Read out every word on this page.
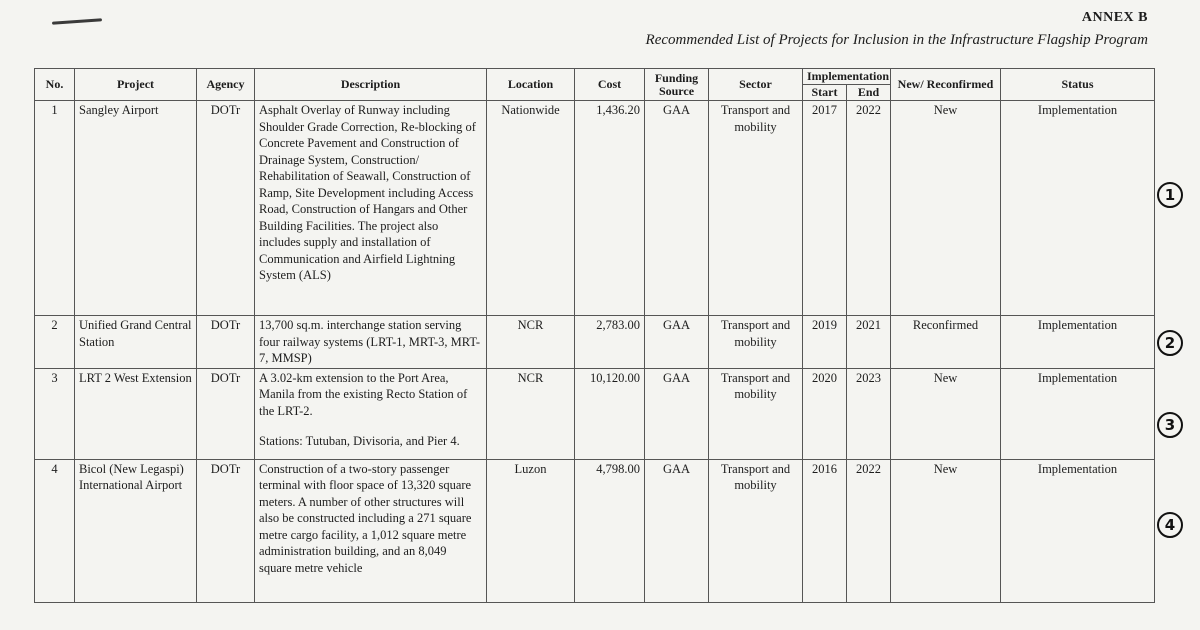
ANNEX B
Recommended List of Projects for Inclusion in the Infrastructure Flagship Program
No.	Project	Agency	Description	Location	Cost	Funding Source	Sector	Implementation		New/ Reconfirmed	Status
								Start	End		
1	Sangley Airport	DOTr	Asphalt Overlay of Runway including Shoulder Grade Correction, Re-blocking of Concrete Pavement and Construction of Drainage System, Construction/ Rehabilitation of Seawall, Construction of Ramp, Site Development including Access Road, Construction of Hangars and Other Building Facilities. The project also includes supply and installation of Communication and Airfield Lightning System (ALS)	Nationwide	1,436.20	GAA	Transport and mobility	2017	2022	New	Implementation
2	Unified Grand Central Station	DOTr	13,700 sq.m. interchange station serving four railway systems (LRT-1, MRT-3, MRT-7, MMSP)	NCR	2,783.00	GAA	Transport and mobility	2019	2021	Reconfirmed	Implementation
3	LRT 2 West Extension	DOTr	A 3.02-km extension to the Port Area, Manila from the existing Recto Station of the LRT-2.
Stations: Tutuban, Divisoria, and Pier 4.	NCR	10,120.00	GAA	Transport and mobility	2020	2023	New	Implementation
4	Bicol (New Legaspi) International Airport	DOTr	Construction of a two-story passenger terminal with floor space of 13,320 square meters. A number of other structures will also be constructed including a 271 square metre cargo facility, a 1,012 square metre administration building, and an 8,049 square metre vehicle	Luzon	4,798.00	GAA	Transport and mobility	2016	2022	New	Implementation
1
2
3
4
